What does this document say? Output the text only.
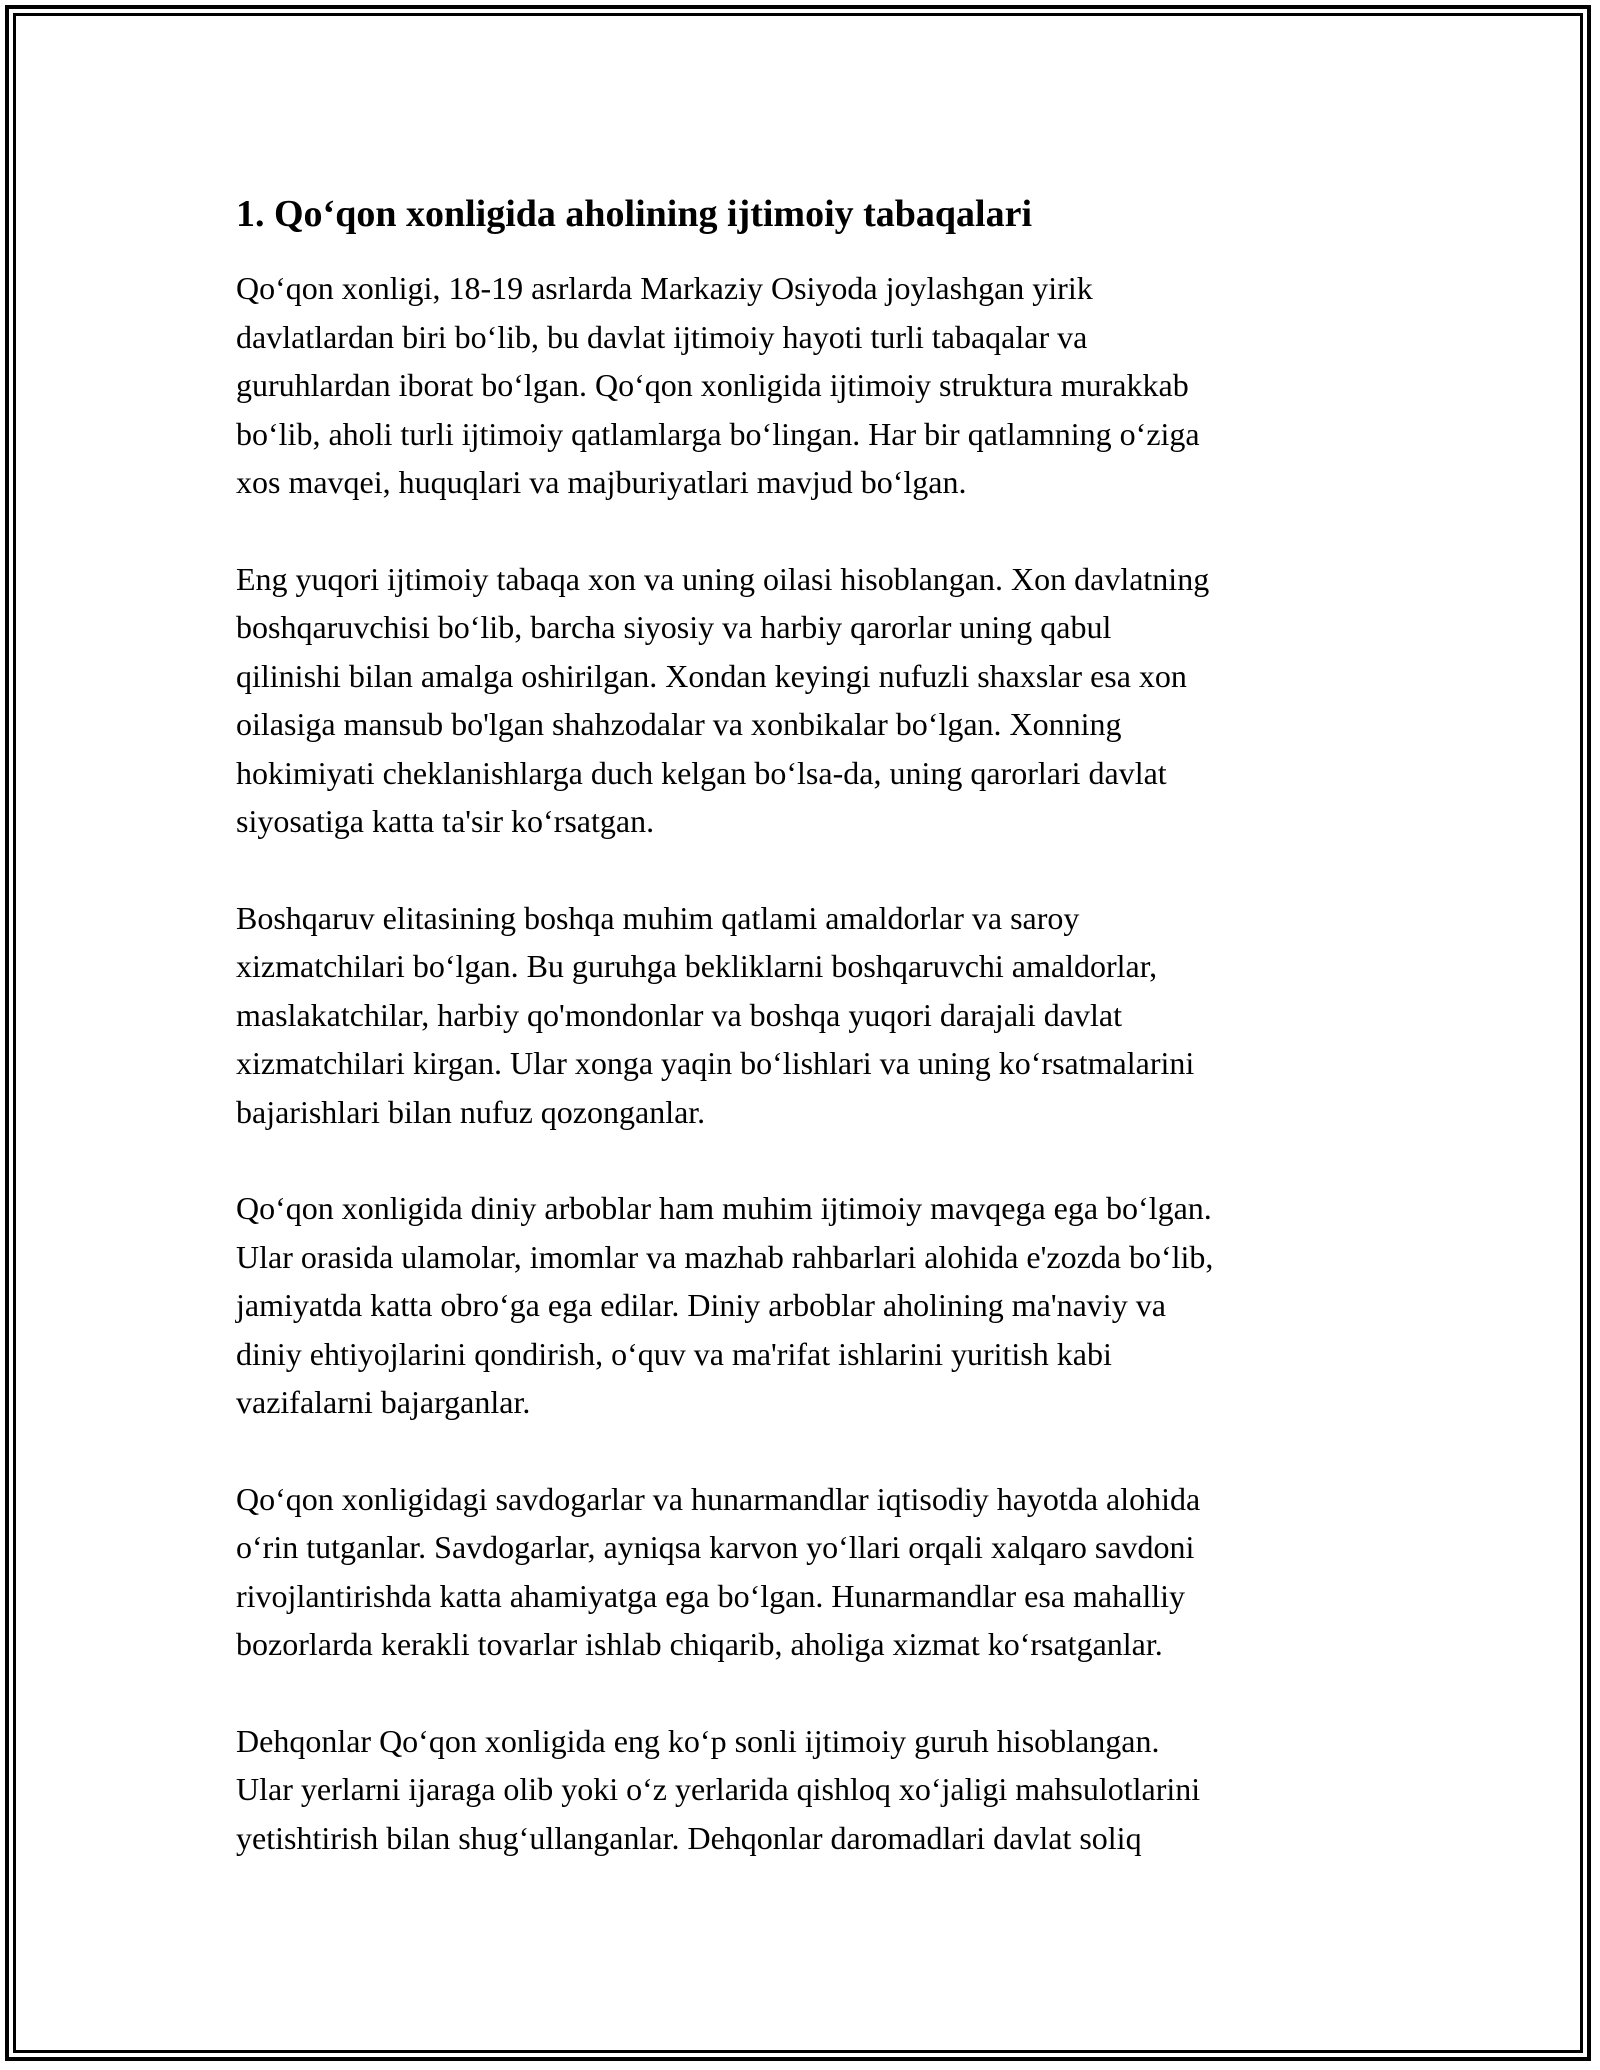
1. Qo‘qon xonligida aholining ijtimoiy tabaqalari

Qo‘qon xonligi, 18-19 asrlarda Markaziy Osiyoda joylashgan yirik
davlatlardan biri bo‘lib, bu davlat ijtimoiy hayoti turli tabaqalar va
guruhlardan iborat bo‘lgan. Qo‘qon xonligida ijtimoiy struktura murakkab
bo‘lib, aholi turli ijtimoiy qatlamlarga bo‘lingan. Har bir qatlamning o‘ziga
xos mavqei, huquqlari va majburiyatlari mavjud bo‘lgan.

Eng yuqori ijtimoiy tabaqa xon va uning oilasi hisoblangan. Xon davlatning
boshqaruvchisi bo‘lib, barcha siyosiy va harbiy qarorlar uning qabul
qilinishi bilan amalga oshirilgan. Xondan keyingi nufuzli shaxslar esa xon
oilasiga mansub bo'lgan shahzodalar va xonbikalar bo‘lgan. Xonning
hokimiyati cheklanishlarga duch kelgan bo‘lsa-da, uning qarorlari davlat
siyosatiga katta ta'sir ko‘rsatgan.

Boshqaruv elitasining boshqa muhim qatlami amaldorlar va saroy
xizmatchilari bo‘lgan. Bu guruhga bekliklarni boshqaruvchi amaldorlar,
maslakatchilar, harbiy qo'mondonlar va boshqa yuqori darajali davlat
xizmatchilari kirgan. Ular xonga yaqin bo‘lishlari va uning ko‘rsatmalarini
bajarishlari bilan nufuz qozonganlar.

Qo‘qon xonligida diniy arboblar ham muhim ijtimoiy mavqega ega bo‘lgan.
Ular orasida ulamolar, imomlar va mazhab rahbarlari alohida e'zozda bo‘lib,
jamiyatda katta obro‘ga ega edilar. Diniy arboblar aholining ma'naviy va
diniy ehtiyojlarini qondirish, o‘quv va ma'rifat ishlarini yuritish kabi
vazifalarni bajarganlar.

Qo‘qon xonligidagi savdogarlar va hunarmandlar iqtisodiy hayotda alohida
o‘rin tutganlar. Savdogarlar, ayniqsa karvon yo‘llari orqali xalqaro savdoni
rivojlantirishda katta ahamiyatga ega bo‘lgan. Hunarmandlar esa mahalliy
bozorlarda kerakli tovarlar ishlab chiqarib, aholiga xizmat ko‘rsatganlar.

Dehqonlar Qo‘qon xonligida eng ko‘p sonli ijtimoiy guruh hisoblangan.
Ular yerlarni ijaraga olib yoki o‘z yerlarida qishloq xo‘jaligi mahsulotlarini
yetishtirish bilan shug‘ullanganlar. Dehqonlar daromadlari davlat soliq
